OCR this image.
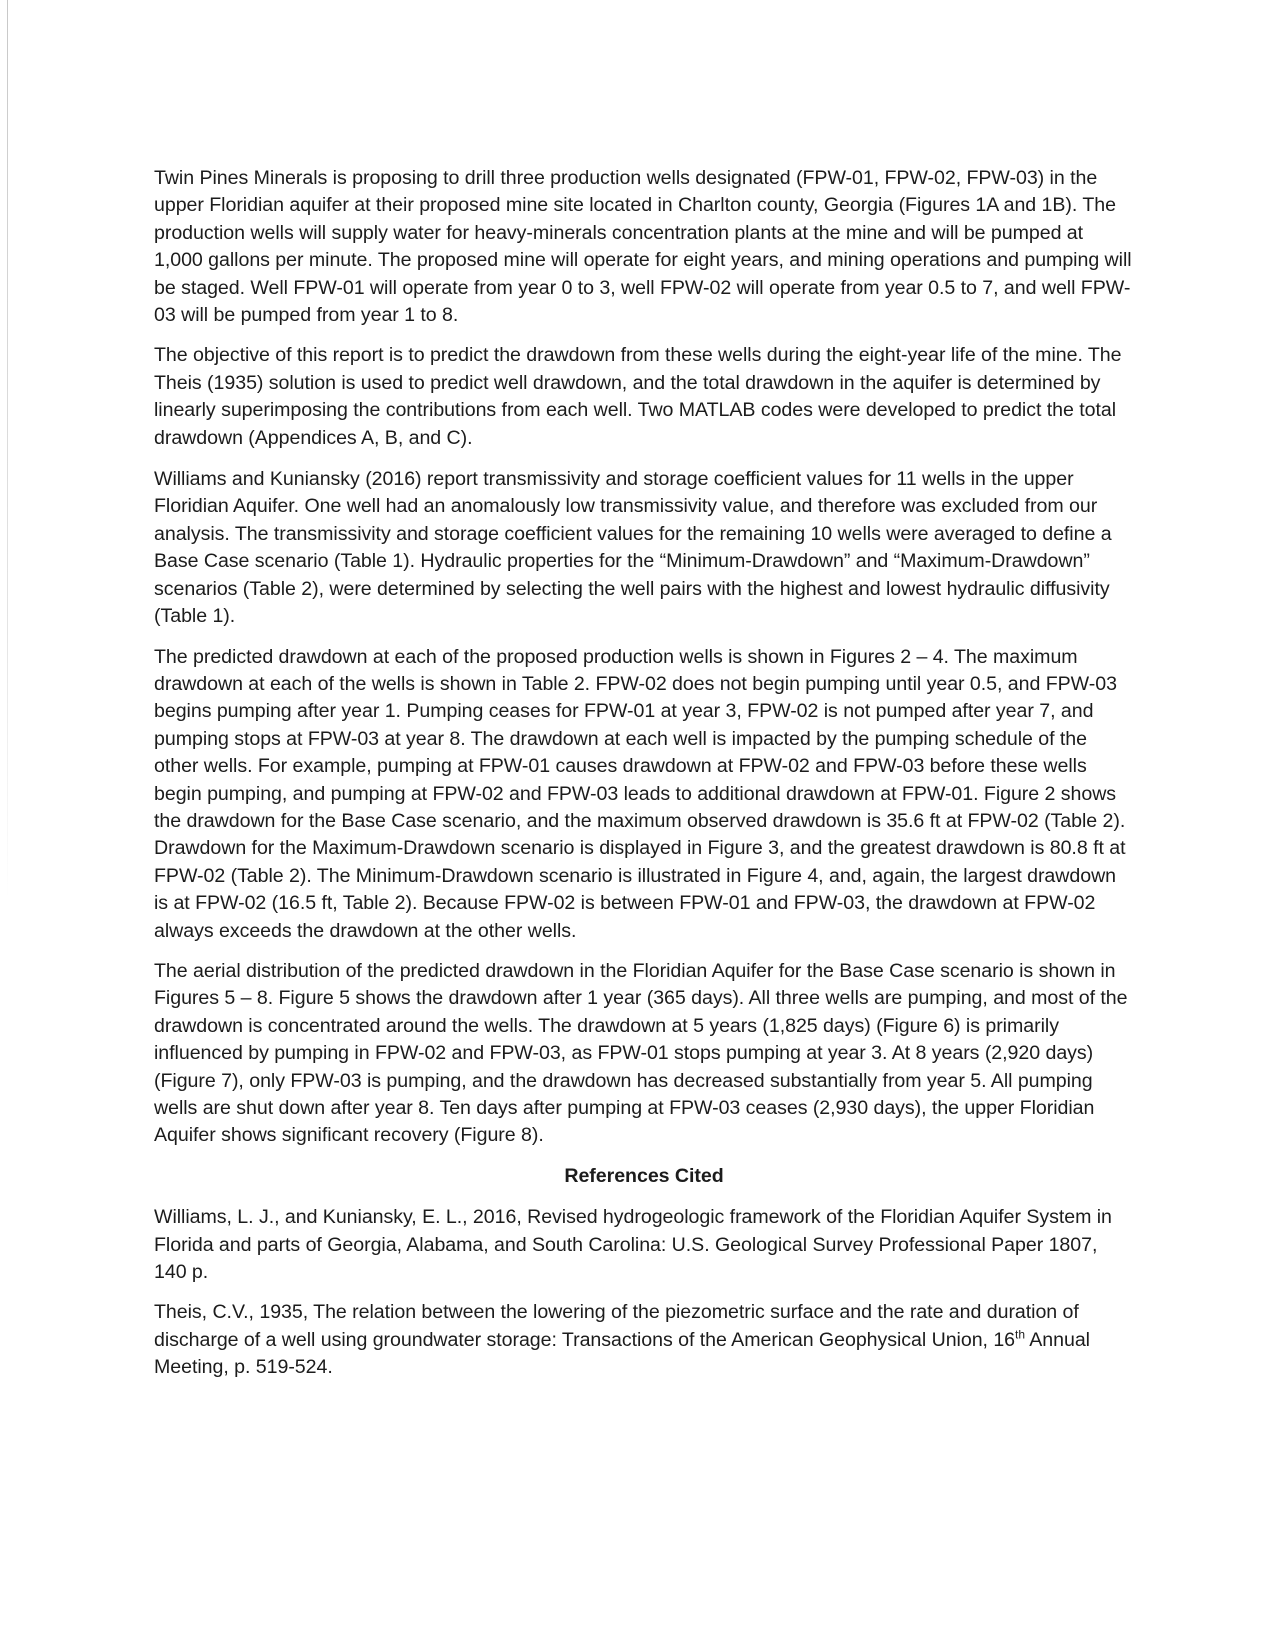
Twin Pines Minerals is proposing to drill three production wells designated (FPW-01, FPW-02, FPW-03) in the upper Floridian aquifer at their proposed mine site located in Charlton county, Georgia (Figures 1A and 1B). The production wells will supply water for heavy-minerals concentration plants at the mine and will be pumped at 1,000 gallons per minute. The proposed mine will operate for eight years, and mining operations and pumping will be staged. Well FPW-01 will operate from year 0 to 3, well FPW-02 will operate from year 0.5 to 7, and well FPW-03 will be pumped from year 1 to 8.

The objective of this report is to predict the drawdown from these wells during the eight-year life of the mine. The Theis (1935) solution is used to predict well drawdown, and the total drawdown in the aquifer is determined by linearly superimposing the contributions from each well. Two MATLAB codes were developed to predict the total drawdown (Appendices A, B, and C).

Williams and Kuniansky (2016) report transmissivity and storage coefficient values for 11 wells in the upper Floridian Aquifer. One well had an anomalously low transmissivity value, and therefore was excluded from our analysis. The transmissivity and storage coefficient values for the remaining 10 wells were averaged to define a Base Case scenario (Table 1). Hydraulic properties for the “Minimum-Drawdown” and “Maximum-Drawdown” scenarios (Table 2), were determined by selecting the well pairs with the highest and lowest hydraulic diffusivity (Table 1).

The predicted drawdown at each of the proposed production wells is shown in Figures 2 – 4. The maximum drawdown at each of the wells is shown in Table 2. FPW-02 does not begin pumping until year 0.5, and FPW-03 begins pumping after year 1. Pumping ceases for FPW-01 at year 3, FPW-02 is not pumped after year 7, and pumping stops at FPW-03 at year 8. The drawdown at each well is impacted by the pumping schedule of the other wells. For example, pumping at FPW-01 causes drawdown at FPW-02 and FPW-03 before these wells begin pumping, and pumping at FPW-02 and FPW-03 leads to additional drawdown at FPW-01. Figure 2 shows the drawdown for the Base Case scenario, and the maximum observed drawdown is 35.6 ft at FPW-02 (Table 2). Drawdown for the Maximum-Drawdown scenario is displayed in Figure 3, and the greatest drawdown is 80.8 ft at FPW-02 (Table 2). The Minimum-Drawdown scenario is illustrated in Figure 4, and, again, the largest drawdown is at FPW-02 (16.5 ft, Table 2). Because FPW-02 is between FPW-01 and FPW-03, the drawdown at FPW-02 always exceeds the drawdown at the other wells.

The aerial distribution of the predicted drawdown in the Floridian Aquifer for the Base Case scenario is shown in Figures 5 – 8. Figure 5 shows the drawdown after 1 year (365 days). All three wells are pumping, and most of the drawdown is concentrated around the wells. The drawdown at 5 years (1,825 days) (Figure 6) is primarily influenced by pumping in FPW-02 and FPW-03, as FPW-01 stops pumping at year 3. At 8 years (2,920 days) (Figure 7), only FPW-03 is pumping, and the drawdown has decreased substantially from year 5. All pumping wells are shut down after year 8. Ten days after pumping at FPW-03 ceases (2,930 days), the upper Floridian Aquifer shows significant recovery (Figure 8).

References Cited

Williams, L. J., and Kuniansky, E. L., 2016, Revised hydrogeologic framework of the Floridian Aquifer System in Florida and parts of Georgia, Alabama, and South Carolina: U.S. Geological Survey Professional Paper 1807, 140 p.

Theis, C.V., 1935, The relation between the lowering of the piezometric surface and the rate and duration of discharge of a well using groundwater storage: Transactions of the American Geophysical Union, 16th Annual Meeting, p. 519-524.
